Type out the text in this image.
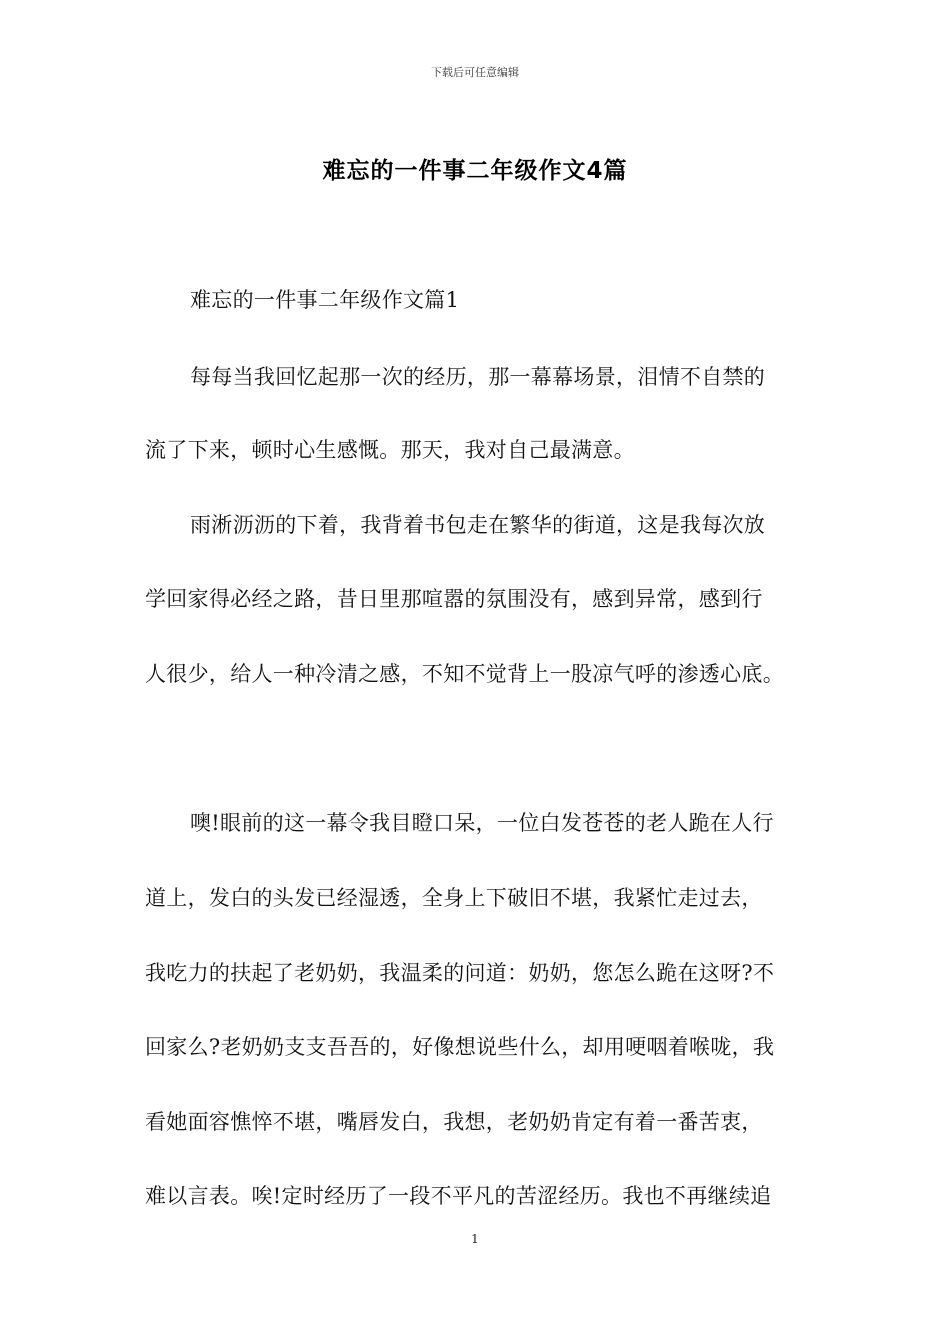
下载后可任意编辑
难忘的一件事二年级作文4篇
难忘的一件事二年级作文篇1
每每当我回忆起那一次的经历，那一幕幕场景，泪情不自禁的
流了下来，顿时心生感慨。那天，我对自己最满意。
雨淅沥沥的下着，我背着书包走在繁华的街道，这是我每次放
学回家得必经之路，昔日里那喧嚣的氛围没有，感到异常，感到行
人很少，给人一种冷清之感，不知不觉背上一股凉气呼的渗透心底。
噢!眼前的这一幕令我目瞪口呆，一位白发苍苍的老人跪在人行
道上，发白的头发已经湿透，全身上下破旧不堪，我紧忙走过去，
我吃力的扶起了老奶奶，我温柔的问道：奶奶，您怎么跪在这呀?不
回家么?老奶奶支支吾吾的，好像想说些什么，却用哽咽着喉咙，我
看她面容憔悴不堪，嘴唇发白，我想，老奶奶肯定有着一番苦衷，
难以言表。唉!定时经历了一段不平凡的苦涩经历。我也不再继续追
1
